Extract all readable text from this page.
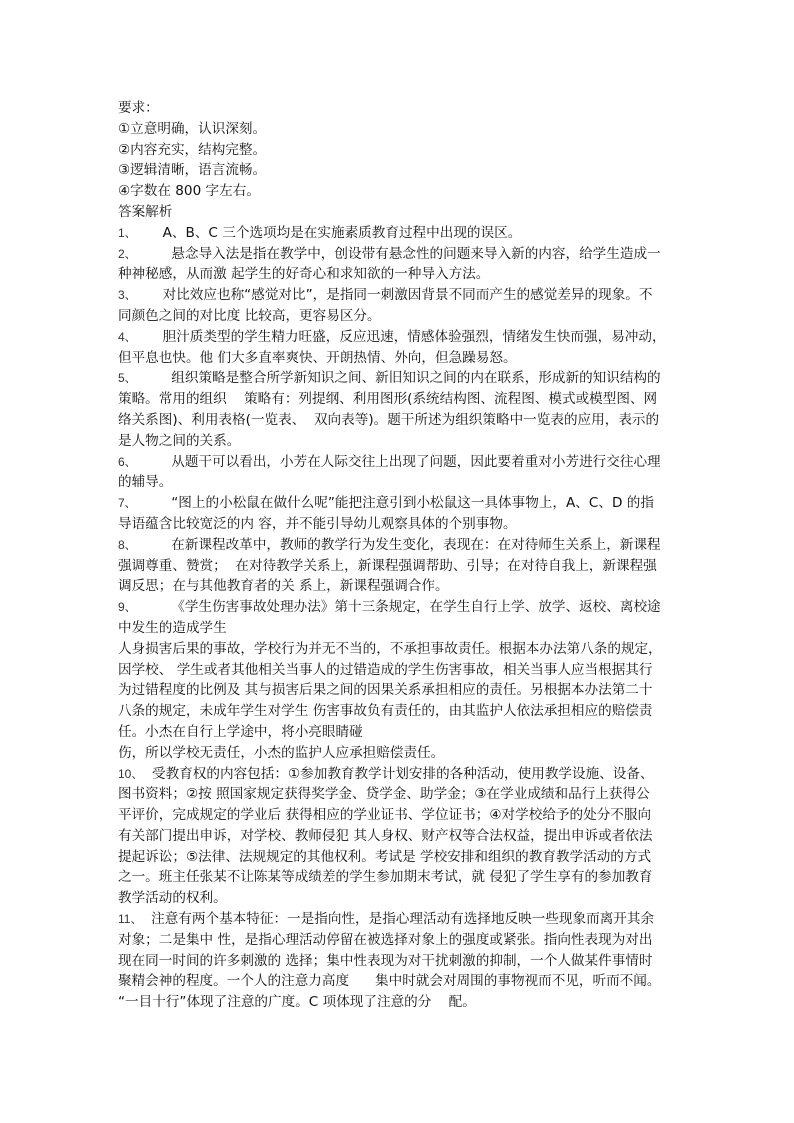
要求：
①立意明确，认识深刻。
②内容充实，结构完整。
③逻辑清晰，语言流畅。
④字数在 800 字左右。
答案解析
1、 A、B、C 三个选项均是在实施素质教育过程中出现的误区。
2、	悬念导入法是指在教学中，创设带有悬念性的问题来导入新的内容，给学生造成一
种神秘感，从而激 起学生的好奇心和求知欲的一种导入方法。
3、 对比效应也称“感觉对比”，是指同一刺激因背景不同而产生的感觉差异的现象。不
同颜色之间的对比度 比较高，更容易区分。
4、 胆汁质类型的学生精力旺盛，反应迅速，情感体验强烈，情绪发生快而强，易冲动，
但平息也快。他 们大多直率爽快、开朗热情、外向，但急躁易怒。
5、	组织策略是整合所学新知识之间、新旧知识之间的内在联系，形成新的知识结构的
策略。常用的组织    策略有：列提纲、利用图形(系统结构图、流程图、模式或模型图、网
络关系图)、利用表格(一览表、  双向表等)。题干所述为组织策略中一览表的应用，表示的
是人物之间的关系。
6、	从题干可以看出，小芳在人际交往上出现了问题，因此要着重对小芳进行交往心理
的辅导。
7、	“图上的小松鼠在做什么呢”能把注意引到小松鼠这一具体事物上，A、C、D 的指
导语蕴含比较宽泛的内 容，并不能引导幼儿观察具体的个别事物。
8、	在新课程改革中，教师的教学行为发生变化，表现在：在对待师生关系上，新课程
强调尊重、赞赏；  在对待教学关系上，新课程强调帮助、引导；在对待自我上，新课程强
调反思；在与其他教育者的关 系上，新课程强调合作。
9、	《学生伤害事故处理办法》第十三条规定，在学生自行上学、放学、返校、离校途
中发生的造成学生
人身损害后果的事故，学校行为并无不当的，不承担事故责任。根据本办法第八条的规定，
因学校、 学生或者其他相关当事人的过错造成的学生伤害事故，相关当事人应当根据其行
为过错程度的比例及 其与损害后果之间的因果关系承担相应的责任。另根据本办法第二十
八条的规定，未成年学生对学生 伤害事故负有责任的，由其监护人依法承担相应的赔偿责
任。小杰在自行上学途中，将小亮眼睛碰
伤，所以学校无责任，小杰的监护人应承担赔偿责任。
10、 受教育权的内容包括：①参加教育教学计划安排的各种活动，使用教学设施、设备、
图书资料；②按 照国家规定获得奖学金、贷学金、助学金；③在学业成绩和品行上获得公
平评价，完成规定的学业后 获得相应的学业证书、学位证书；④对学校给予的处分不服向
有关部门提出申诉，对学校、教师侵犯 其人身权、财产权等合法权益，提出申诉或者依法
提起诉讼；⑤法律、法规规定的其他权利。考试是 学校安排和组织的教育教学活动的方式
之一。班主任张某不让陈某等成绩差的学生参加期末考试，就 侵犯了学生享有的参加教育
教学活动的权利。
11、 注意有两个基本特征：一是指向性，是指心理活动有选择地反映一些现象而离开其余
对象；二是集中 性，是指心理活动停留在被选择对象上的强度或紧张。指向性表现为对出
现在同一时间的许多刺激的 选择；集中性表现为对干扰刺激的抑制，一个人做某件事情时
聚精会神的程度。一个人的注意力高度      集中时就会对周围的事物视而不见，听而不闻。
“一目十行”体现了注意的广度。C 项体现了注意的分    配。
